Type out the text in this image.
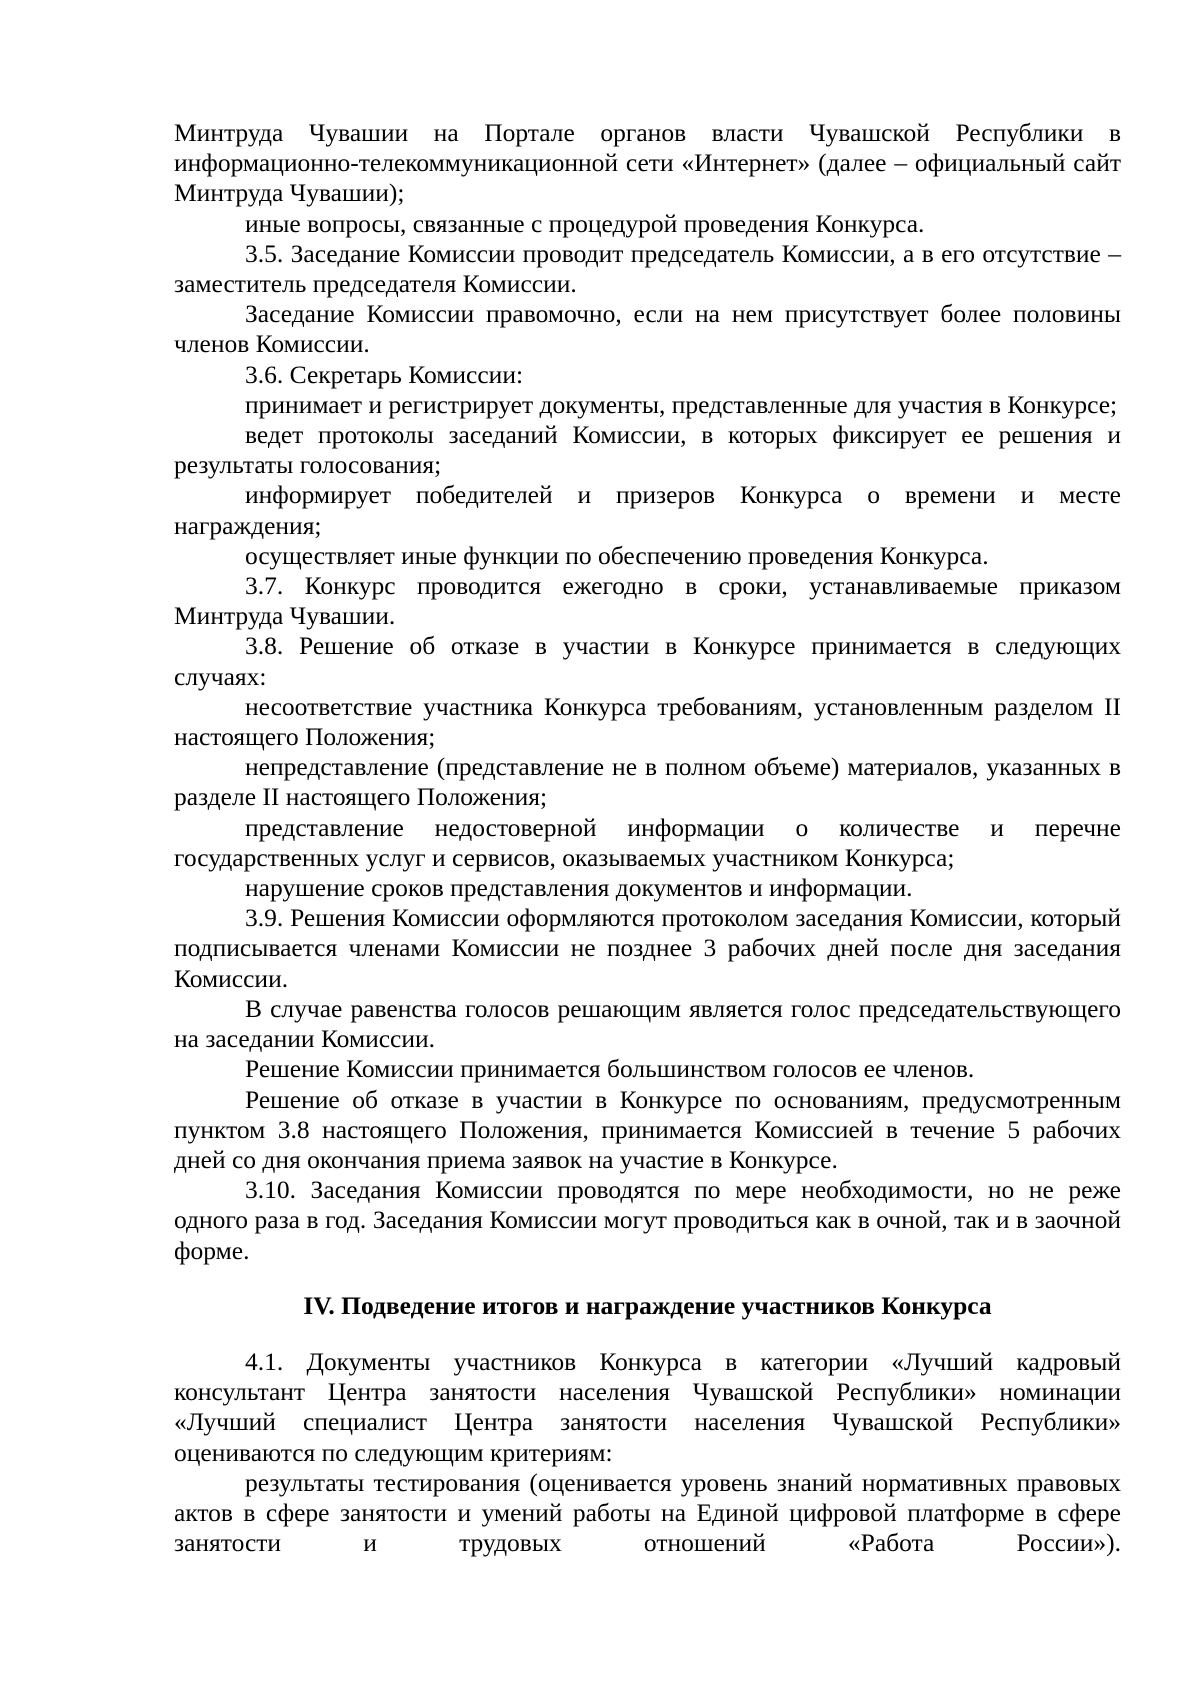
Минтруда Чувашии на Портале органов власти Чувашской Республики в информационно-телекоммуникационной сети «Интернет» (далее – официальный сайт Минтруда Чувашии);

иные вопросы, связанные с процедурой проведения Конкурса.

3.5. Заседание Комиссии проводит председатель Комиссии, а в его отсутствие – заместитель председателя Комиссии.

Заседание Комиссии правомочно, если на нем присутствует более половины членов Комиссии.

3.6. Секретарь Комиссии:

принимает и регистрирует документы, представленные для участия в Конкурсе;

ведет протоколы заседаний Комиссии, в которых фиксирует ее решения и результаты голосования;

информирует победителей и призеров Конкурса о времени и месте награждения;

осуществляет иные функции по обеспечению проведения Конкурса.

3.7. Конкурс проводится ежегодно в сроки, устанавливаемые приказом Минтруда Чувашии.

3.8. Решение об отказе в участии в Конкурсе принимается в следующих случаях:

несоответствие участника Конкурса требованиям, установленным разделом II настоящего Положения;

непредставление (представление не в полном объеме) материалов, указанных в разделе II настоящего Положения;

представление недостоверной информации о количестве и перечне государственных услуг и сервисов, оказываемых участником Конкурса;

нарушение сроков представления документов и информации.

3.9. Решения Комиссии оформляются протоколом заседания Комиссии, который подписывается членами Комиссии не позднее 3 рабочих дней после дня заседания Комиссии.

В случае равенства голосов решающим является голос председательствующего на заседании Комиссии.

Решение Комиссии принимается большинством голосов ее членов.

Решение об отказе в участии в Конкурсе по основаниям, предусмотренным пунктом 3.8 настоящего Положения, принимается Комиссией в течение 5 рабочих дней со дня окончания приема заявок на участие в Конкурсе.

3.10. Заседания Комиссии проводятся по мере необходимости, но не реже одного раза в год. Заседания Комиссии могут проводиться как в очной, так и в заочной форме.

IV. Подведение итогов и награждение участников Конкурса

4.1. Документы участников Конкурса в категории «Лучший кадровый консультант Центра занятости населения Чувашской Республики» номинации «Лучший специалист Центра занятости населения Чувашской Республики» оцениваются по следующим критериям:

результаты тестирования (оценивается уровень знаний нормативных правовых актов в сфере занятости и умений работы на Единой цифровой платформе в сфере занятости и трудовых отношений «Работа России»).
